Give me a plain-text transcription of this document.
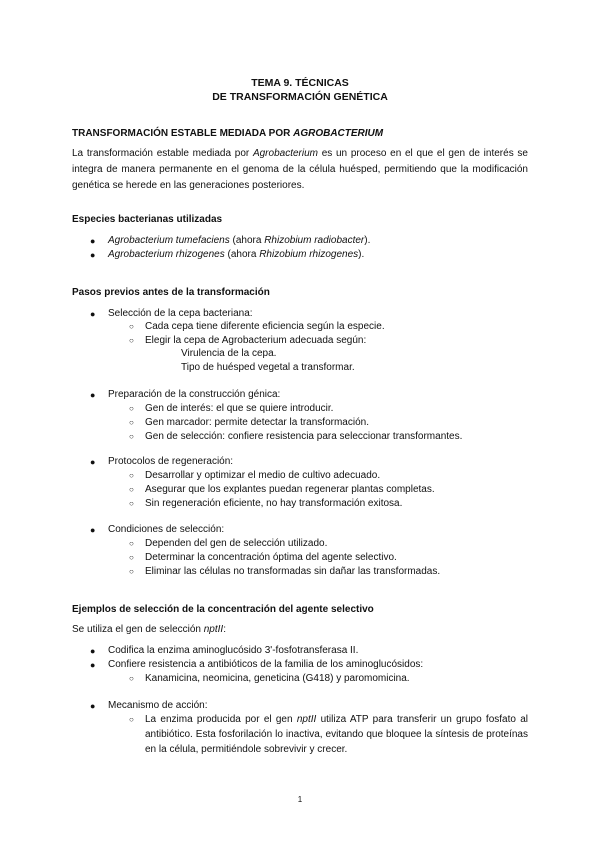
TEMA 9. TÉCNICAS
DE TRANSFORMACIÓN GENÉTICA
TRANSFORMACIÓN ESTABLE MEDIADA POR AGROBACTERIUM
La transformación estable mediada por Agrobacterium es un proceso en el que el gen de interés se integra de manera permanente en el genoma de la célula huésped, permitiendo que la modificación genética se herede en las generaciones posteriores.
Especies bacterianas utilizadas
● Agrobacterium tumefaciens (ahora Rhizobium radiobacter).
● Agrobacterium rhizogenes (ahora Rhizobium rhizogenes).
Pasos previos antes de la transformación
● Selección de la cepa bacteriana:
○ Cada cepa tiene diferente eficiencia según la especie.
○ Elegir la cepa de Agrobacterium adecuada según:
Virulencia de la cepa.
Tipo de huésped vegetal a transformar.
● Preparación de la construcción génica:
○ Gen de interés: el que se quiere introducir.
○ Gen marcador: permite detectar la transformación.
○ Gen de selección: confiere resistencia para seleccionar transformantes.
● Protocolos de regeneración:
○ Desarrollar y optimizar el medio de cultivo adecuado.
○ Asegurar que los explantes puedan regenerar plantas completas.
○ Sin regeneración eficiente, no hay transformación exitosa.
● Condiciones de selección:
○ Dependen del gen de selección utilizado.
○ Determinar la concentración óptima del agente selectivo.
○ Eliminar las células no transformadas sin dañar las transformadas.
Ejemplos de selección de la concentración del agente selectivo
Se utiliza el gen de selección nptII:
● Codifica la enzima aminoglucósido 3'-fosfotransferasa II.
● Confiere resistencia a antibióticos de la familia de los aminoglucósidos:
○ Kanamicina, neomicina, geneticina (G418) y paromomicina.
● Mecanismo de acción:
○ La enzima producida por el gen nptII utiliza ATP para transferir un grupo fosfato al antibiótico. Esta fosforilación lo inactiva, evitando que bloquee la síntesis de proteínas en la célula, permitiéndole sobrevivir y crecer.
1
